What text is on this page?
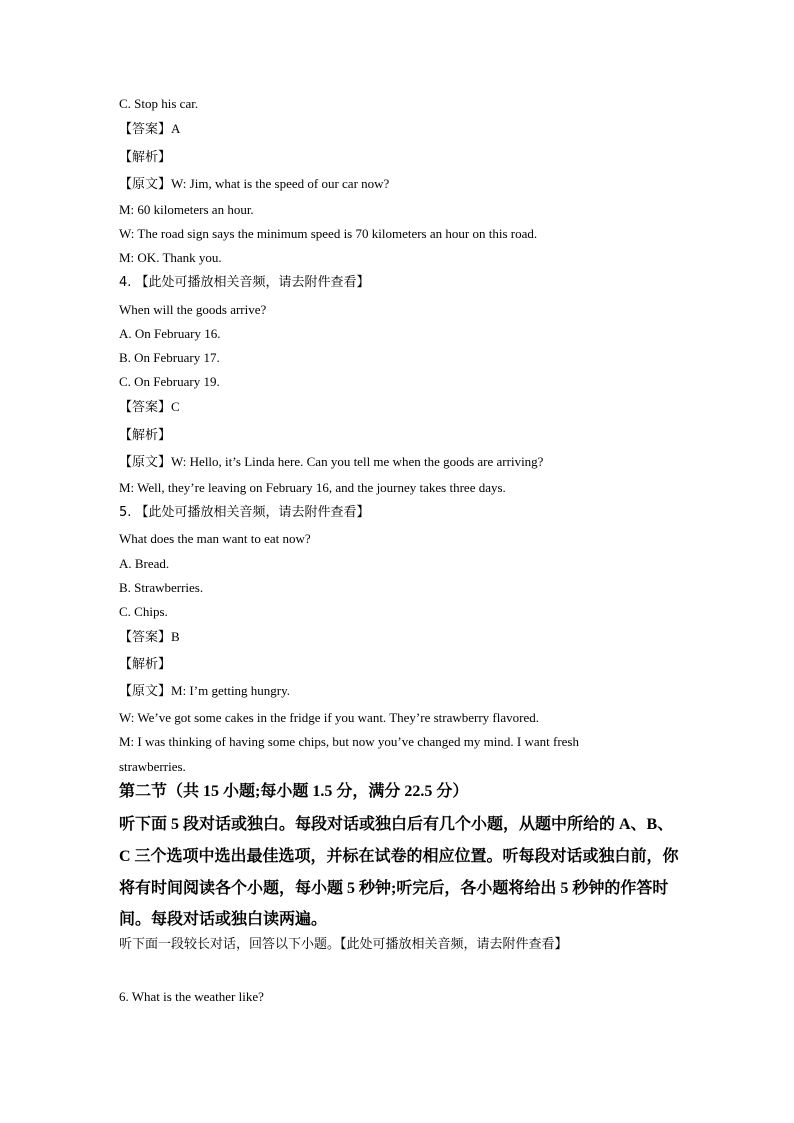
C. Stop his car.
【答案】A
【解析】
【原文】W: Jim, what is the speed of our car now?
M: 60 kilometers an hour.
W: The road sign says the minimum speed is 70 kilometers an hour on this road.
M: OK. Thank you.
4. 【此处可播放相关音频，请去附件查看】
When will the goods arrive?
A. On February 16.
B. On February 17.
C. On February 19.
【答案】C
【解析】
【原文】W: Hello, it’s Linda here. Can you tell me when the goods are arriving?
M: Well, they’re leaving on February 16, and the journey takes three days.
5. 【此处可播放相关音频，请去附件查看】
What does the man want to eat now?
A. Bread.
B. Strawberries.
C. Chips.
【答案】B
【解析】
【原文】M: I’m getting hungry.
W: We’ve got some cakes in the fridge if you want. They’re strawberry flavored.
M: I was thinking of having some chips, but now you’ve changed my mind. I want fresh
strawberries.
第二节（共 15 小题;每小题 1.5 分，满分 22.5 分）
听下面 5 段对话或独白。每段对话或独白后有几个小题，从题中所给的 A、B、
C 三个选项中选出最佳选项，并标在试卷的相应位置。听每段对话或独白前，你
将有时间阅读各个小题，每小题 5 秒钟;听完后，各小题将给出 5 秒钟的作答时
间。每段对话或独白读两遍。
听下面一段较长对话，回答以下小题。【此处可播放相关音频，请去附件查看】
6. What is the weather like?
